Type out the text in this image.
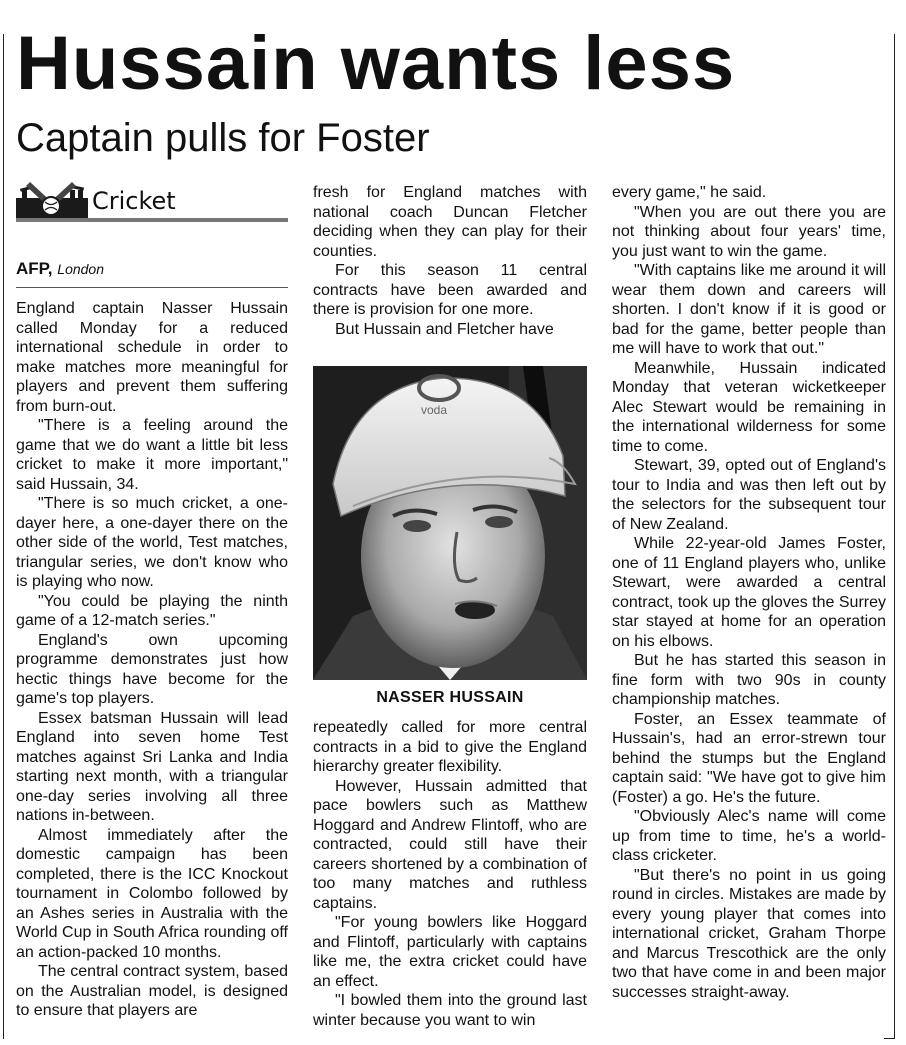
Hussain wants less
Captain pulls for Foster
Cricket
AFP, London

England captain Nasser Hussain called Monday for a reduced international schedule in order to make matches more meaningful for players and prevent them suffering from burn-out.

"There is a feeling around the game that we do want a little bit less cricket to make it more important," said Hussain, 34.

"There is so much cricket, a one-dayer here, a one-dayer there on the other side of the world, Test matches, triangular series, we don't know who is playing who now.

"You could be playing the ninth game of a 12-match series."

England's own upcoming programme demonstrates just how hectic things have become for the game's top players.

Essex batsman Hussain will lead England into seven home Test matches against Sri Lanka and India starting next month, with a triangular one-day series involving all three nations in-between.

Almost immediately after the domestic campaign has been completed, there is the ICC Knockout tournament in Colombo followed by an Ashes series in Australia with the World Cup in South Africa rounding off an action-packed 10 months.

The central contract system, based on the Australian model, is designed to ensure that players are

fresh for England matches with national coach Duncan Fletcher deciding when they can play for their counties.

For this season 11 central contracts have been awarded and there is provision for one more.

But Hussain and Fletcher have

voda
NASSER HUSSAIN

repeatedly called for more central contracts in a bid to give the England hierarchy greater flexibility.

However, Hussain admitted that pace bowlers such as Matthew Hoggard and Andrew Flintoff, who are contracted, could still have their careers shortened by a combination of too many matches and ruthless captains.

"For young bowlers like Hoggard and Flintoff, particularly with captains like me, the extra cricket could have an effect.

"I bowled them into the ground last winter because you want to win

every game," he said.

"When you are out there you are not thinking about four years' time, you just want to win the game.

"With captains like me around it will wear them down and careers will shorten. I don't know if it is good or bad for the game, better people than me will have to work that out."

Meanwhile, Hussain indicated Monday that veteran wicketkeeper Alec Stewart would be remaining in the international wilderness for some time to come.

Stewart, 39, opted out of England's tour to India and was then left out by the selectors for the subsequent tour of New Zealand.

While 22-year-old James Foster, one of 11 England players who, unlike Stewart, were awarded a central contract, took up the gloves the Surrey star stayed at home for an operation on his elbows.

But he has started this season in fine form with two 90s in county championship matches.

Foster, an Essex teammate of Hussain's, had an error-strewn tour behind the stumps but the England captain said: "We have got to give him (Foster) a go. He's the future.

"Obviously Alec's name will come up from time to time, he's a world-class cricketer.

"But there's no point in us going round in circles. Mistakes are made by every young player that comes into international cricket, Graham Thorpe and Marcus Trescothick are the only two that have come in and been major successes straight-away.
